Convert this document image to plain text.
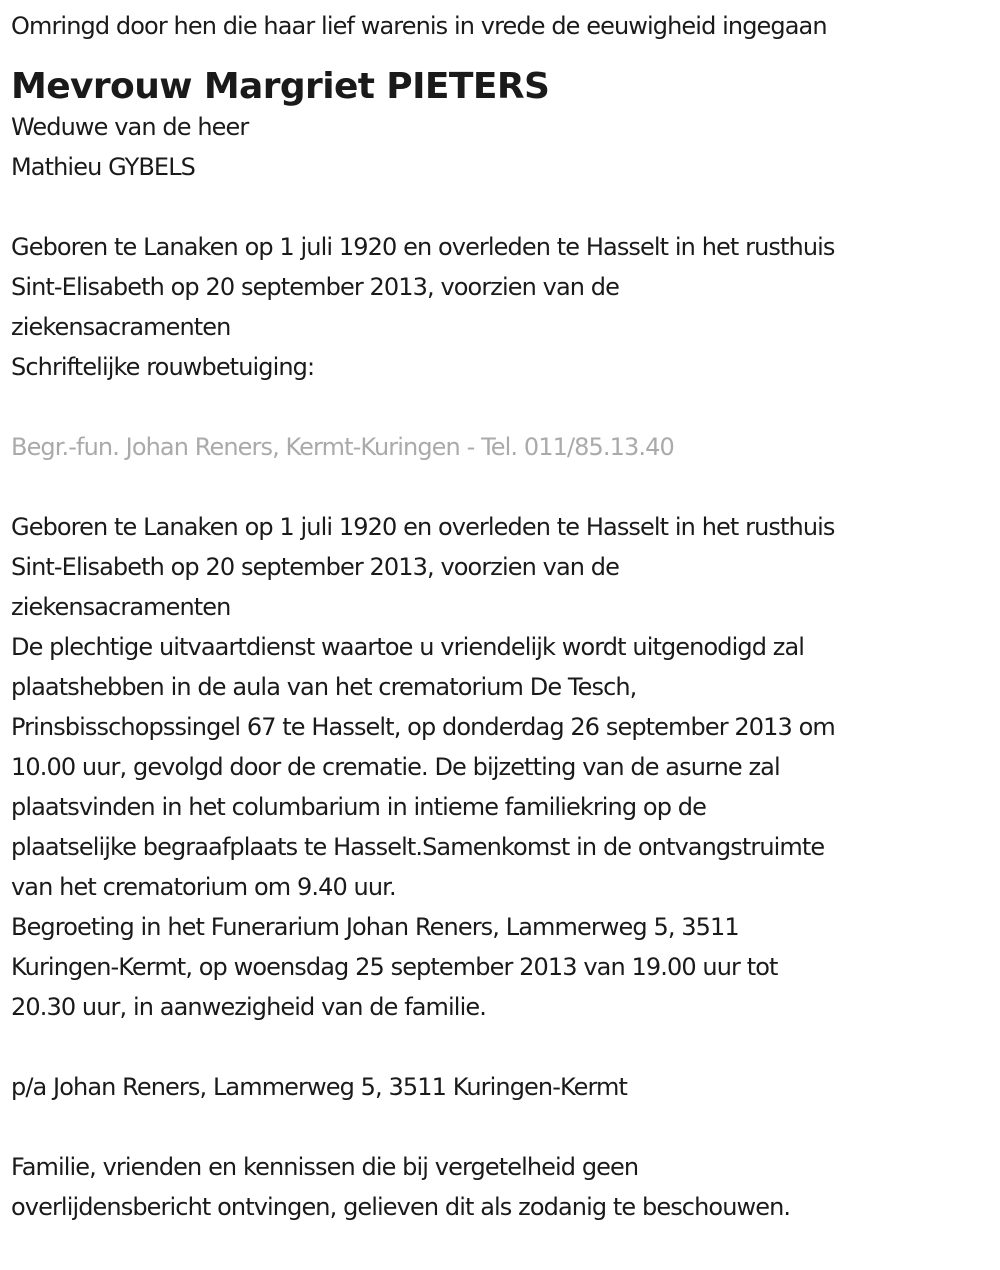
Omringd door hen die haar lief warenis in vrede de eeuwigheid ingegaan
Mevrouw Margriet PIETERS
Weduwe van de heer
Mathieu GYBELS
Geboren te Lanaken op 1 juli 1920 en overleden te Hasselt in het rusthuis
Sint-Elisabeth op 20 september 2013, voorzien van de
ziekensacramenten
Schriftelijke rouwbetuiging:
Begr.-fun. Johan Reners, Kermt-Kuringen - Tel. 011/85.13.40
Geboren te Lanaken op 1 juli 1920 en overleden te Hasselt in het rusthuis
Sint-Elisabeth op 20 september 2013, voorzien van de
ziekensacramenten
De plechtige uitvaartdienst waartoe u vriendelijk wordt uitgenodigd zal
plaatshebben in de aula van het crematorium De Tesch,
Prinsbisschopssingel 67 te Hasselt, op donderdag 26 september 2013 om
10.00 uur, gevolgd door de crematie. De bijzetting van de asurne zal
plaatsvinden in het columbarium in intieme familiekring op de
plaatselijke begraafplaats te Hasselt.Samenkomst in de ontvangstruimte
van het crematorium om 9.40 uur.
Begroeting in het Funerarium Johan Reners, Lammerweg 5, 3511
Kuringen-Kermt, op woensdag 25 september 2013 van 19.00 uur tot
20.30 uur, in aanwezigheid van de familie.
p/a Johan Reners, Lammerweg 5, 3511 Kuringen-Kermt
Familie, vrienden en kennissen die bij vergetelheid geen
overlijdensbericht ontvingen, gelieven dit als zodanig te beschouwen.
